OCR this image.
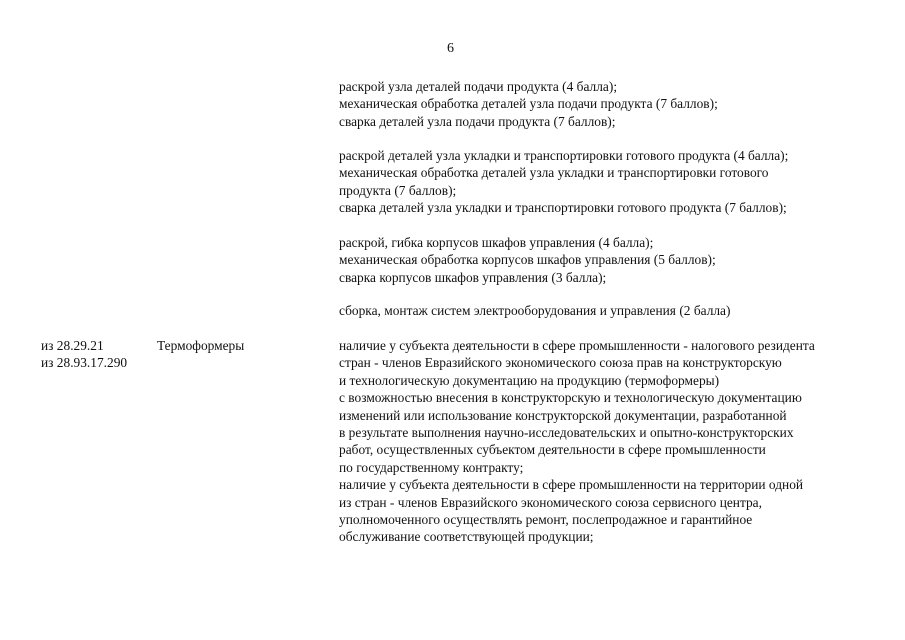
6
раскрой узла деталей подачи продукта (4 балла);
механическая обработка деталей узла подачи продукта (7 баллов);
сварка деталей узла подачи продукта (7 баллов);
раскрой деталей узла укладки и транспортировки готового продукта (4 балла);
механическая обработка деталей узла укладки и транспортировки готового
продукта (7 баллов);
сварка деталей узла укладки и транспортировки готового продукта (7 баллов);
раскрой, гибка корпусов шкафов управления (4 балла);
механическая обработка корпусов шкафов управления (5 баллов);
сварка корпусов шкафов управления (3 балла);
сборка, монтаж систем электрооборудования и управления (2 балла)
из 28.29.21
из 28.93.17.290
Термоформеры	наличие у субъекта деятельности в сфере промышленности - налогового резидента
стран - членов Евразийского экономического союза прав на конструкторскую
и технологическую документацию на продукцию (термоформеры)
с возможностью внесения в конструкторскую и технологическую документацию
изменений или использование конструкторской документации, разработанной
в результате выполнения научно-исследовательских и опытно-конструкторских
работ, осуществленных субъектом деятельности в сфере промышленности
по государственному контракту;
наличие у субъекта деятельности в сфере промышленности на территории одной
из стран - членов Евразийского экономического союза сервисного центра,
уполномоченного осуществлять ремонт, послепродажное и гарантийное
обслуживание соответствующей продукции;
